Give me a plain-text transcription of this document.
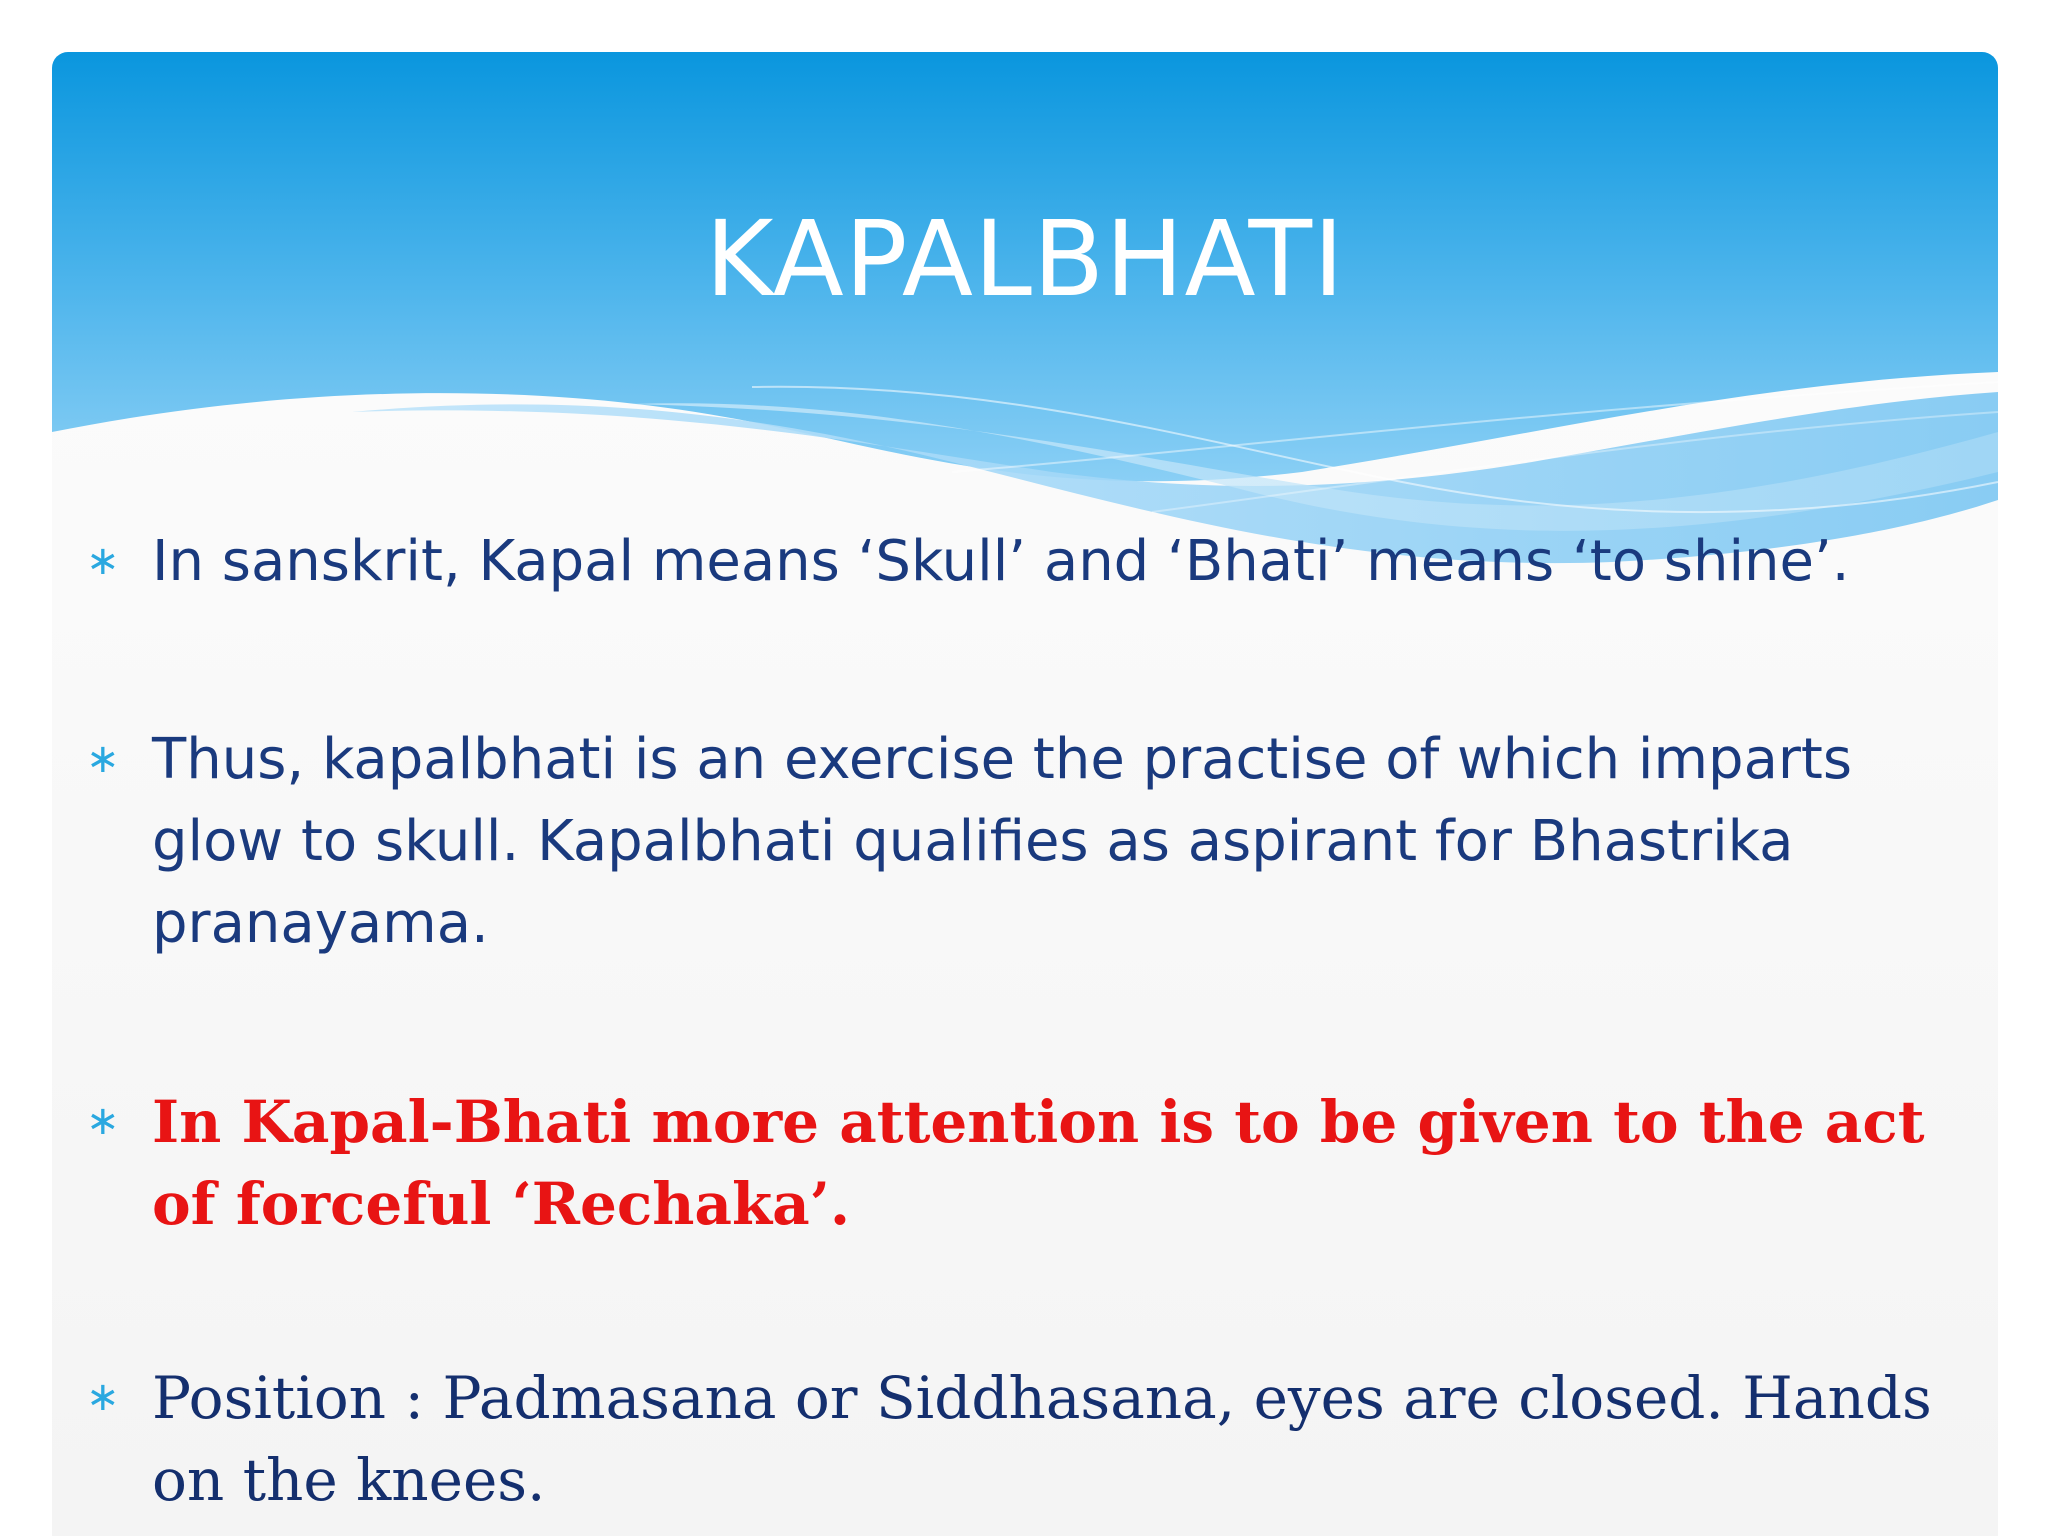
KAPALBHATI
∗ In sanskrit, Kapal means ‘Skull’ and ‘Bhati’ means ‘to shine’.

∗ Thus, kapalbhati is an exercise the practise of which imparts glow to skull. Kapalbhati qualifies as aspirant for Bhastrika pranayama.

∗ In Kapal-Bhati more attention is to be given to the act of forceful ‘Rechaka’.

∗ Position : Padmasana or Siddhasana, eyes are closed. Hands on the knees.
